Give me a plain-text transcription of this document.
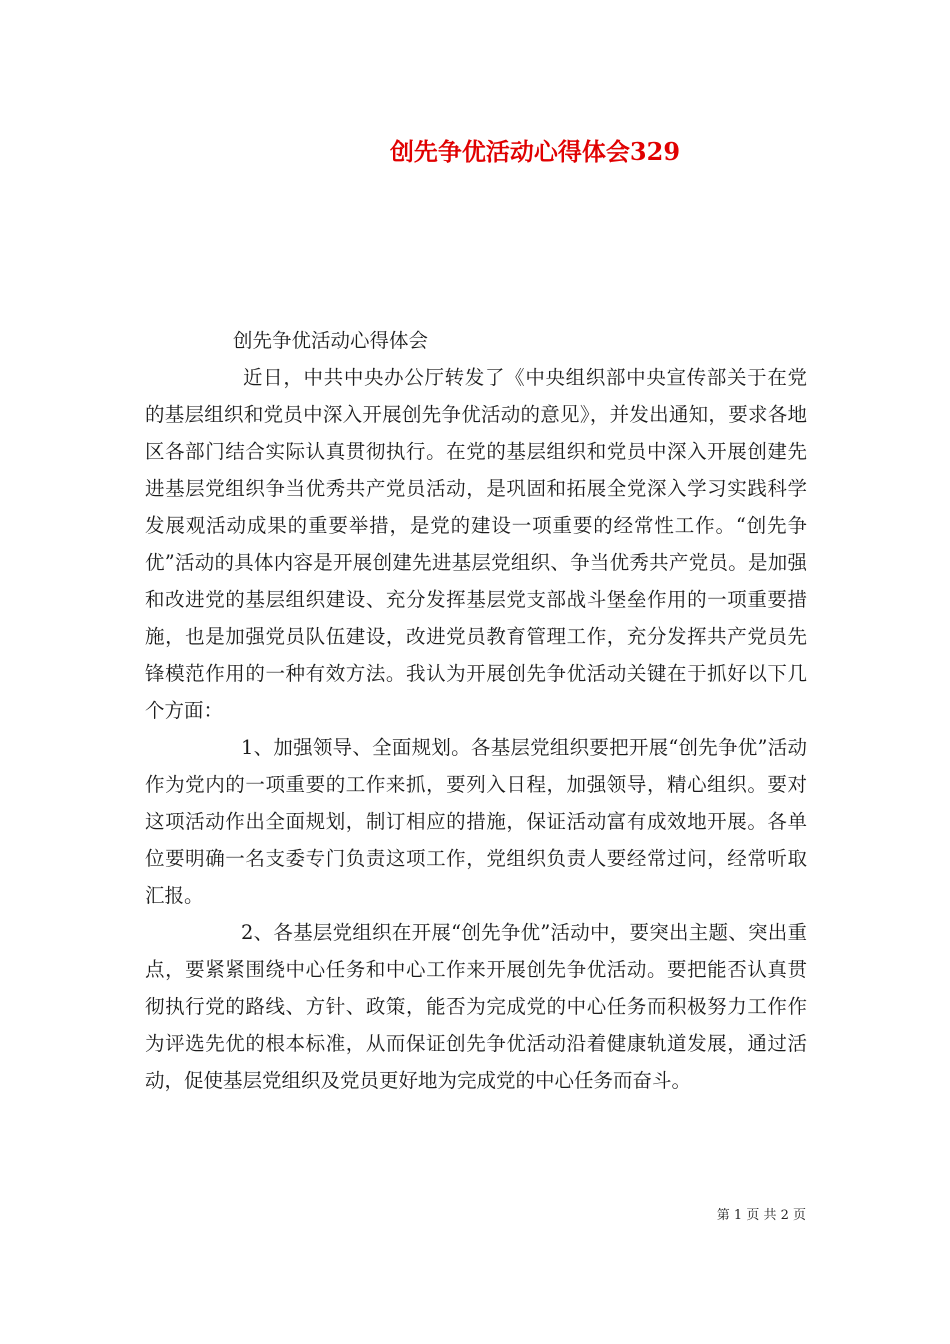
创先争优活动心得体会329

创先争优活动心得体会

近日，中共中央办公厅转发了《中央组织部中央宣传部关于在党的基层组织和党员中深入开展创先争优活动的意见》，并发出通知，要求各地区各部门结合实际认真贯彻执行。在党的基层组织和党员中深入开展创建先进基层党组织争当优秀共产党员活动，是巩固和拓展全党深入学习实践科学发展观活动成果的重要举措，是党的建设一项重要的经常性工作。“创先争优”活动的具体内容是开展创建先进基层党组织、争当优秀共产党员。是加强和改进党的基层组织建设、充分发挥基层党支部战斗堡垒作用的一项重要措施，也是加强党员队伍建设，改进党员教育管理工作，充分发挥共产党员先锋模范作用的一种有效方法。我认为开展创先争优活动关键在于抓好以下几个方面：

1、加强领导、全面规划。各基层党组织要把开展“创先争优”活动作为党内的一项重要的工作来抓，要列入日程，加强领导，精心组织。要对这项活动作出全面规划，制订相应的措施，保证活动富有成效地开展。各单位要明确一名支委专门负责这项工作，党组织负责人要经常过问，经常听取汇报。

2、各基层党组织在开展“创先争优”活动中，要突出主题、突出重点，要紧紧围绕中心任务和中心工作来开展创先争优活动。要把能否认真贯彻执行党的路线、方针、政策，能否为完成党的中心任务而积极努力工作作为评选先优的根本标准，从而保证创先争优活动沿着健康轨道发展，通过活动，促使基层党组织及党员更好地为完成党的中心任务而奋斗。

第 1 页 共 2 页
